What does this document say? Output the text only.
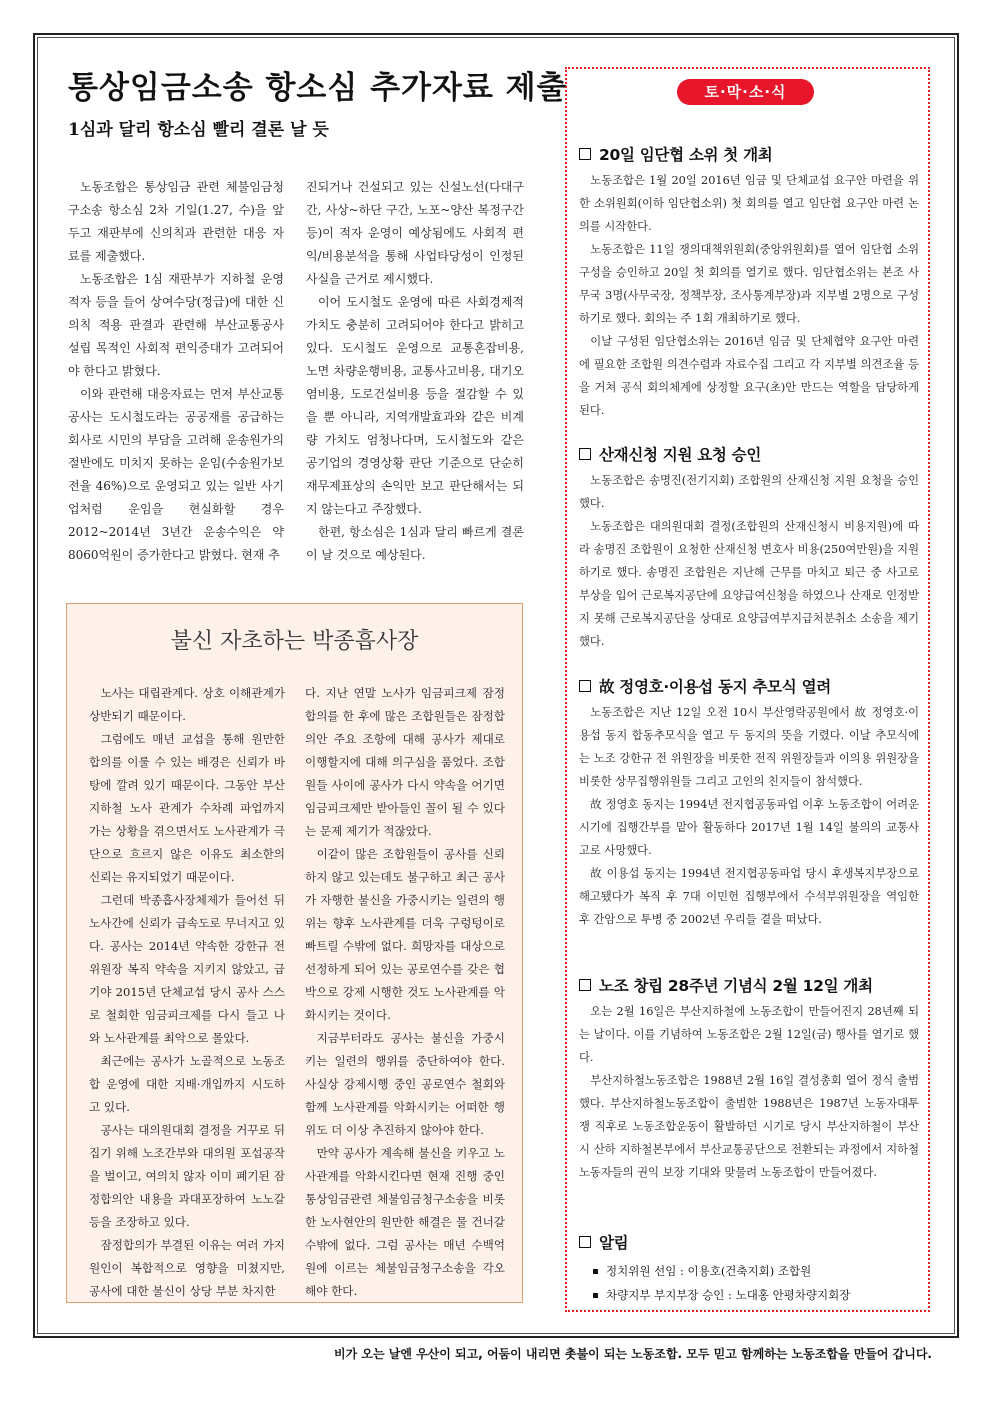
통상임금소송 항소심 추가자료 제출
1심과 달리 항소심 빨리 결론 날 듯

노동조합은 통상임금 관련 체불임금청구소송 항소심 2차 기일(1.27, 수)을 앞두고 재판부에 신의칙과 관련한 대응 자료를 제출했다.

노동조합은 1심 재판부가 지하철 운영적자 등을 들어 상여수당(정급)에 대한 신의칙 적용 판결과 관련해 부산교통공사 설립 목적인 사회적 편익증대가 고려되어야 한다고 밝혔다.

이와 관련해 대응자료는 먼저 부산교통공사는 도시철도라는 공공재를 공급하는 회사로 시민의 부담을 고려해 운송원가의 절반에도 미치지 못하는 운임(수송원가보전율 46%)으로 운영되고 있는 일반 사기업처럼 운임을 현실화할 경우 2012~2014년 3년간 운송수익은 약 8060억원이 증가한다고 밝혔다. 현재 추

진되거나 건설되고 있는 신설노선(다대구간, 사상~하단 구간, 노포~양산 복정구간 등)이 적자 운영이 예상됨에도 사회적 편익/비용분석을 통해 사업타당성이 인정된 사실을 근거로 제시했다.

이어 도시철도 운영에 따른 사회경제적 가치도 충분히 고려되어야 한다고 밝히고 있다. 도시철도 운영으로 교통혼잡비용, 노면 차량운행비용, 교통사고비용, 대기오염비용, 도로건설비용 등을 절감할 수 있을 뿐 아니라, 지역개발효과와 같은 비계량 가치도 엄청나다며, 도시철도와 같은 공기업의 경영상황 판단 기준으로 단순히 재무제표상의 손익만 보고 판단해서는 되지 않는다고 주장했다.

한편, 항소심은 1심과 달리 빠르게 결론이 날 것으로 예상된다.

불신 자초하는 박종흡사장

노사는 대립관계다. 상호 이해관계가 상반되기 때문이다.

그럼에도 매년 교섭을 통해 원만한 합의를 이룰 수 있는 배경은 신뢰가 바탕에 깔려 있기 때문이다. 그동안 부산지하철 노사 관계가 수차례 파업까지 가는 상황을 겪으면서도 노사관계가 극단으로 흐르지 않은 이유도 최소한의 신뢰는 유지되었기 때문이다.

그런데 박종흡사장체제가 들어선 뒤 노사간에 신뢰가 급속도로 무너지고 있다. 공사는 2014년 약속한 강한규 전 위원장 복직 약속을 지키지 않았고, 급기야 2015년 단체교섭 당시 공사 스스로 철회한 임금피크제를 다시 들고 나와 노사관계를 최악으로 몰았다.

최근에는 공사가 노골적으로 노동조합 운영에 대한 지배·개입까지 시도하고 있다.

공사는 대의원대회 결정을 거꾸로 뒤집기 위해 노조간부와 대의원 포섭공작을 벌이고, 여의치 않자 이미 폐기된 잠정합의안 내용을 과대포장하여 노노갈등을 조장하고 있다.

잠정합의가 부결된 이유는 여러 가지 원인이 복합적으로 영향을 미쳤지만, 공사에 대한 불신이 상당 부분 차지한

다. 지난 연말 노사가 임금피크제 잠정합의를 한 후에 많은 조합원들은 잠정합의안 주요 조항에 대해 공사가 제대로 이행할지에 대해 의구심을 품었다. 조합원들 사이에 공사가 다시 약속을 어기면 임금피크제만 받아들인 꼴이 될 수 있다는 문제 제기가 적잖았다.

이같이 많은 조합원들이 공사를 신뢰하지 않고 있는데도 불구하고 최근 공사가 자행한 불신을 가중시키는 일련의 행위는 향후 노사관계를 더욱 구렁텅이로 빠트릴 수밖에 없다. 희망자를 대상으로 선정하게 되어 있는 공로연수를 갖은 협박으로 강제 시행한 것도 노사관계를 악화시키는 것이다.

지금부터라도 공사는 불신을 가중시키는 일련의 행위를 중단하여야 한다. 사실상 강제시행 중인 공로연수 철회와 함께 노사관계를 악화시키는 어떠한 행위도 더 이상 추진하지 않아야 한다.

만약 공사가 계속해 불신을 키우고 노사관계를 악화시킨다면 현재 진행 중인 통상임금관련 체불임금청구소송을 비롯한 노사현안의 원만한 해결은 물 건너갈 수밖에 없다. 그럼 공사는 매년 수백억원에 이르는 체불임금청구소송을 각오해야 한다.

토·막·소·식
20일 임단협 소위 첫 개최

노동조합은 1월 20일 2016년 임금 및 단체교섭 요구안 마련을 위한 소위원회(이하 임단협소위) 첫 회의를 열고 임단협 요구안 마련 논의를 시작한다.

노동조합은 11일 쟁의대책위원회(중앙위원회)를 열어 임단협 소위 구성을 승인하고 20일 첫 회의를 열기로 했다. 임단협소위는 본조 사무국 3명(사무국장, 정책부장, 조사통계부장)과 지부별 2명으로 구성하기로 했다. 회의는 주 1회 개최하기로 했다.

이날 구성된 임단협소위는 2016년 임금 및 단체협약 요구안 마련에 필요한 조합원 의견수렴과 자료수집 그리고 각 지부별 의견조율 등을 거쳐 공식 회의체계에 상정할 요구(초)안 만드는 역할을 담당하게 된다.

산재신청 지원 요청 승인

노동조합은 송명진(전기지회) 조합원의 산재신청 지원 요청을 승인했다.

노동조합은 대의원대회 결정(조합원의 산재신청시 비용지원)에 따라 송명진 조합원이 요청한 산재신청 변호사 비용(250여만원)을 지원하기로 했다. 송명진 조합원은 지난해 근무를 마치고 퇴근 중 사고로 부상을 입어 근로복지공단에 요양급여신청을 하였으나 산재로 인정받지 못해 근로복지공단을 상대로 요양급여부지급처분취소 소송을 제기했다.

故 정영호·이용섭 동지 추모식 열려

노동조합은 지난 12일 오전 10시 부산영락공원에서 故 정영호·이용섭 동지 합동추모식을 열고 두 동지의 뜻을 기렸다. 이날 추모식에는 노조 강한규 전 위원장을 비롯한 전직 위원장들과 이의용 위원장을 비롯한 상무집행위원들 그리고 고인의 친지들이 참석했다.

故 정영호 동지는 1994년 전지협공동파업 이후 노동조합이 어려운 시기에 집행간부를 맡아 활동하다 2017년 1월 14일 불의의 교통사고로 사망했다.

故 이용섭 동지는 1994년 전지협공동파업 당시 후생복지부장으로 해고됐다가 복직 후 7대 이민헌 집행부에서 수석부위원장을 역임한 후 간암으로 투병 중 2002년 우리들 곁을 떠났다.

노조 창립 28주년 기념식 2월 12일 개최

오는 2월 16일은 부산지하철에 노동조합이 만들어진지 28년째 되는 날이다. 이를 기념하여 노동조합은 2월 12일(금) 행사를 열기로 했다.

부산지하철노동조합은 1988년 2월 16일 결성총회 열어 정식 출범했다. 부산지하철노동조합이 출범한 1988년은 1987년 노동자대투쟁 직후로 노동조합운동이 활발하던 시기로 당시 부산지하철이 부산시 산하 지하철본부에서 부산교통공단으로 전환되는 과정에서 지하철노동자들의 권익 보장 기대와 맞물려 노동조합이 만들어졌다.

알림
정치위원 선임 : 이용호(건축지회) 조합원
차량지부 부지부장 승인 : 노대홍 안평차량지회장

비가 오는 날엔 우산이 되고, 어둠이 내리면 촛불이 되는 노동조합. 모두 믿고 함께하는 노동조합을 만들어 갑니다.
